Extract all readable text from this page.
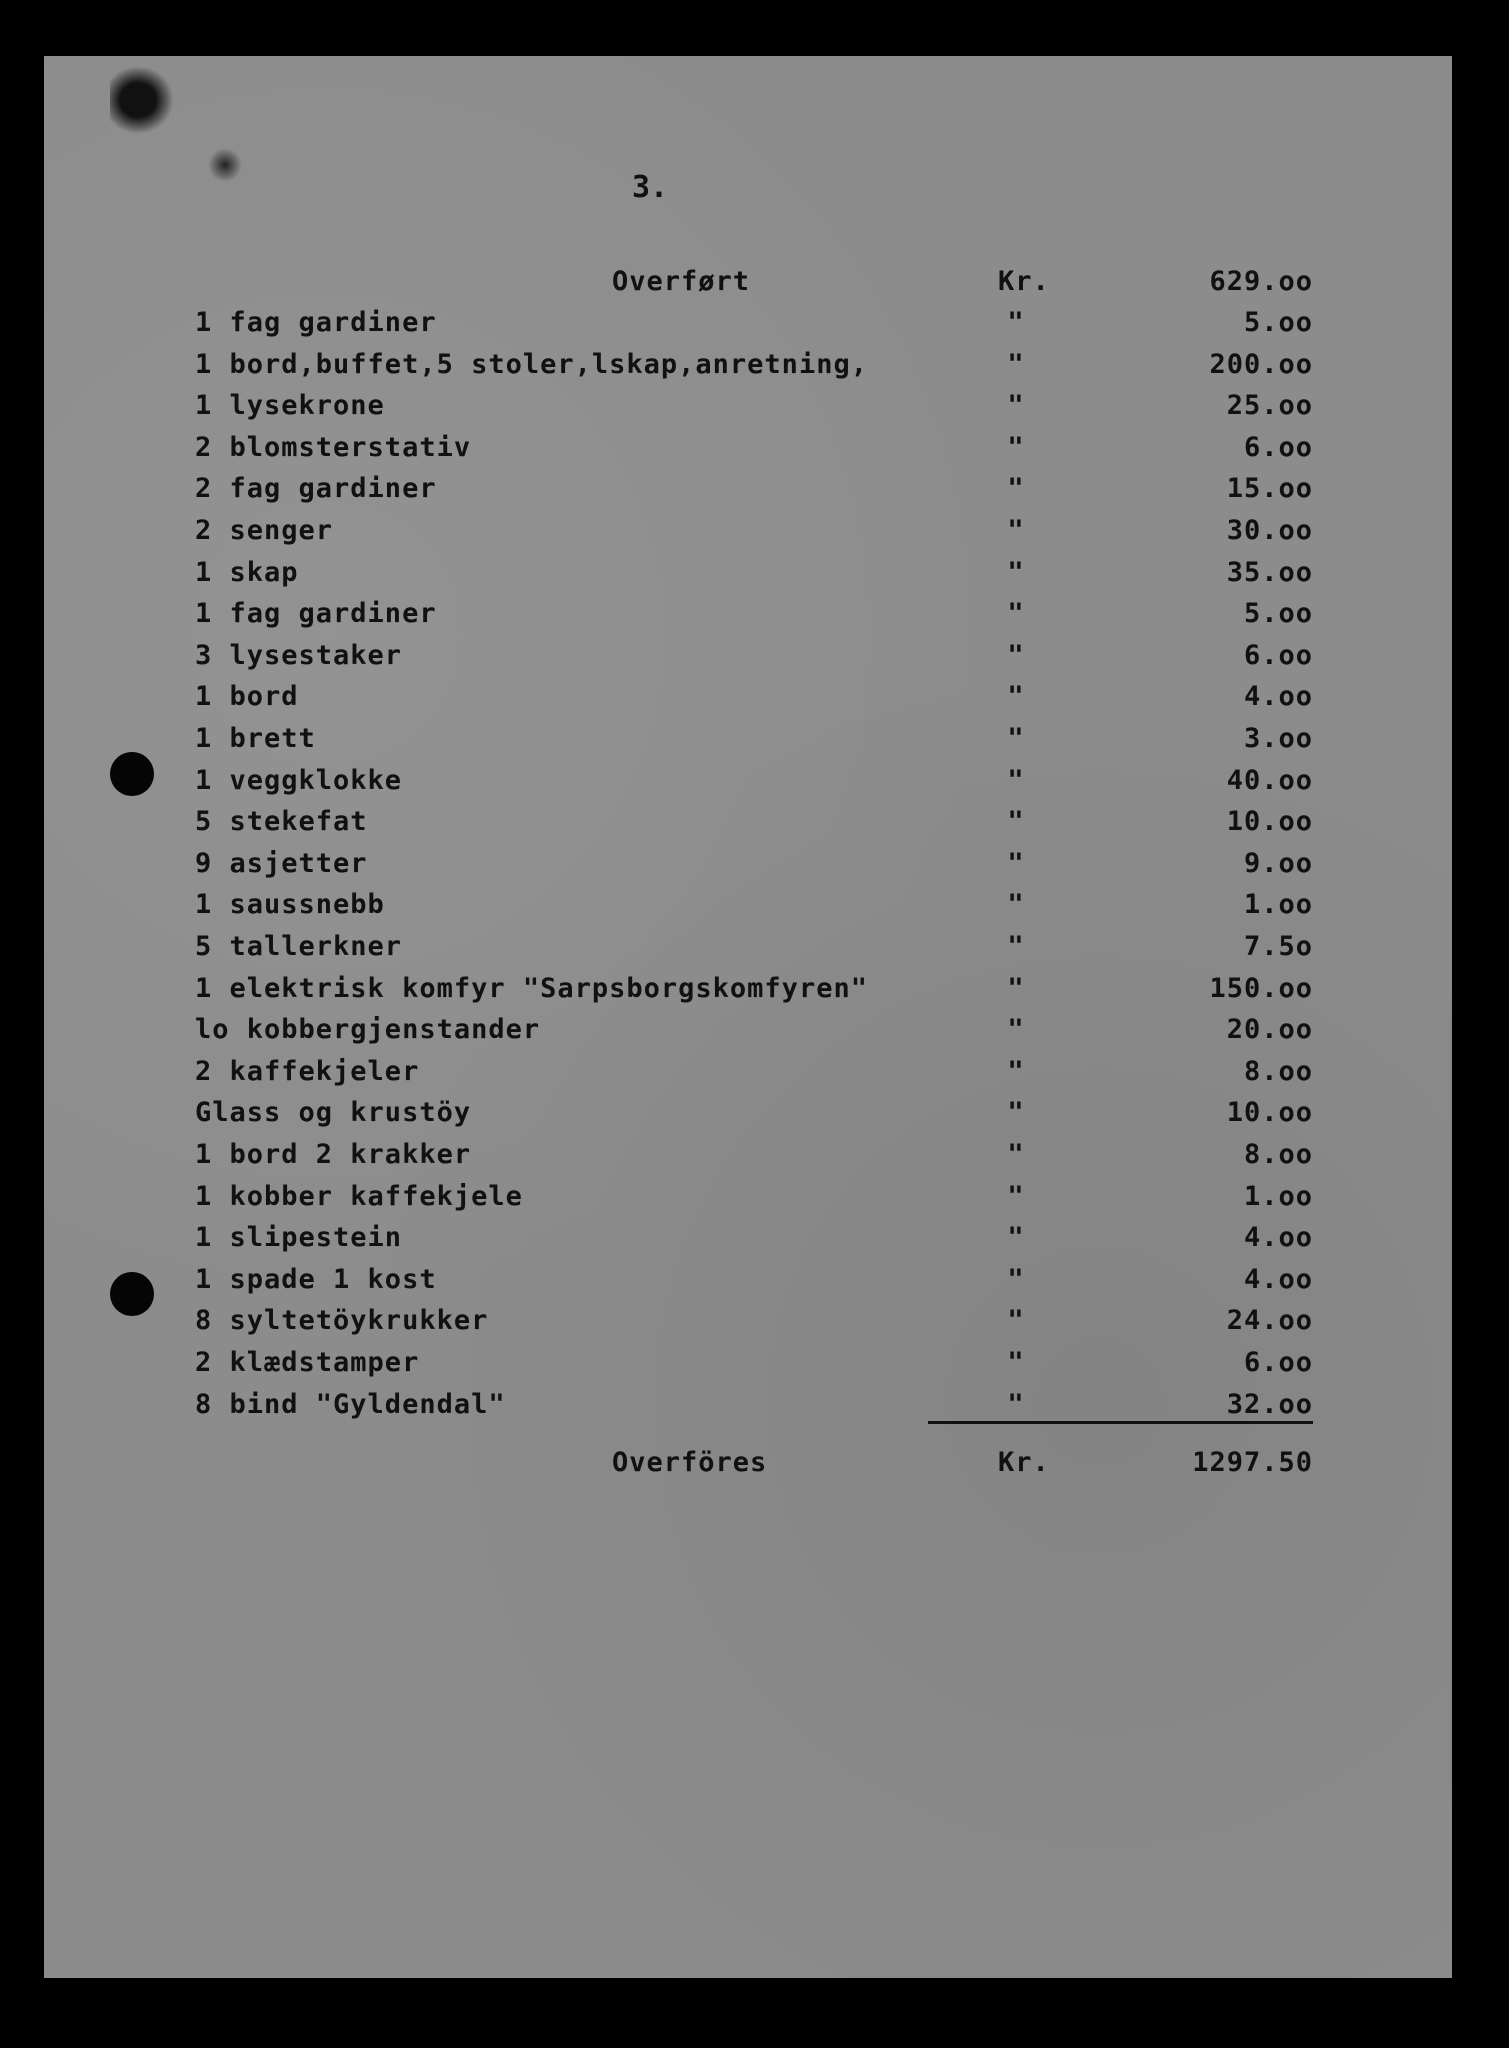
3.
Overført	Kr.	629.oo
1 fag gardiner	"	5.oo
1 bord,buffet,5 stoler,lskap,anretning,	"	200.oo
1 lysekrone	"	25.oo
2 blomsterstativ	"	6.oo
2 fag gardiner	"	15.oo
2 senger	"	30.oo
1 skap	"	35.oo
1 fag gardiner	"	5.oo
3 lysestaker	"	6.oo
1 bord	"	4.oo
1 brett	"	3.oo
1 veggklokke	"	40.oo
5 stekefat	"	10.oo
9 asjetter	"	9.oo
1 saussnebb	"	1.oo
5 tallerkner	"	7.5o
1 elektrisk komfyr "Sarpsborgskomfyren"	"	150.oo
lo kobbergjenstander	"	20.oo
2 kaffekjeler	"	8.oo
Glass og krustöy	"	10.oo
1 bord 2 krakker	"	8.oo
1 kobber kaffekjele	"	1.oo
1 slipestein	"	4.oo
1 spade 1 kost	"	4.oo
8 syltetöykrukker	"	24.oo
2 klædstamper	"	6.oo
8 bind "Gyldendal"	"	32.oo
Overföres	Kr.	1297.50
